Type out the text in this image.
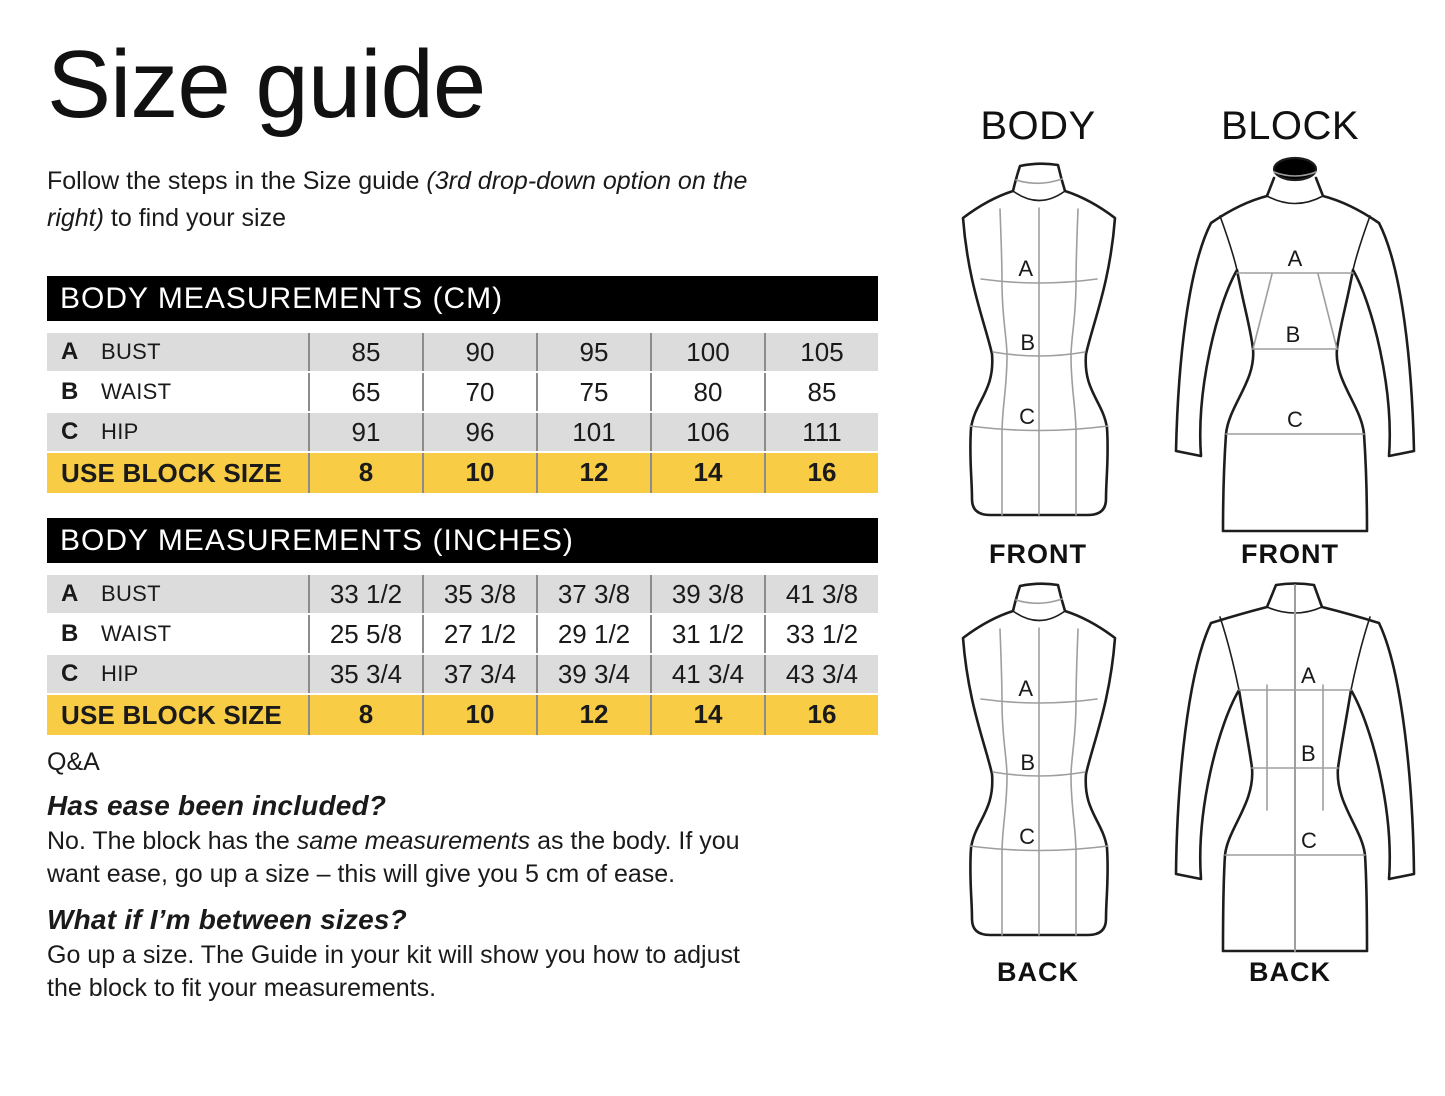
Size guide

Follow the steps in the Size guide (3rd drop-down option on the
right) to find your size

BODY MEASUREMENTS (CM)
A	BUST	85	90	95	100	105
B	WAIST	65	70	75	80	85
C	HIP	91	96	101	106	111
USE BLOCK SIZE	8	10	12	14	16
BODY MEASUREMENTS (INCHES)
A	BUST	33 1/2	35 3/8	37 3/8	39 3/8	41 3/8
B	WAIST	25 5/8	27 1/2	29 1/2	31 1/2	33 1/2
C	HIP	35 3/4	37 3/4	39 3/4	41 3/4	43 3/4
USE BLOCK SIZE	8	10	12	14	16
Q&A
Has ease been included?
No. The block has the same measurements as the body. If you
want ease, go up a size – this will give you 5 cm of ease.
What if I’m between sizes?
Go up a size. The Guide in your kit will show you how to adjust
the block to fit your measurements.
BODY	BLOCK
FRONT	FRONT
BACK	BACK
A
B
C
A
B
C
A
B
C
A
B
C
